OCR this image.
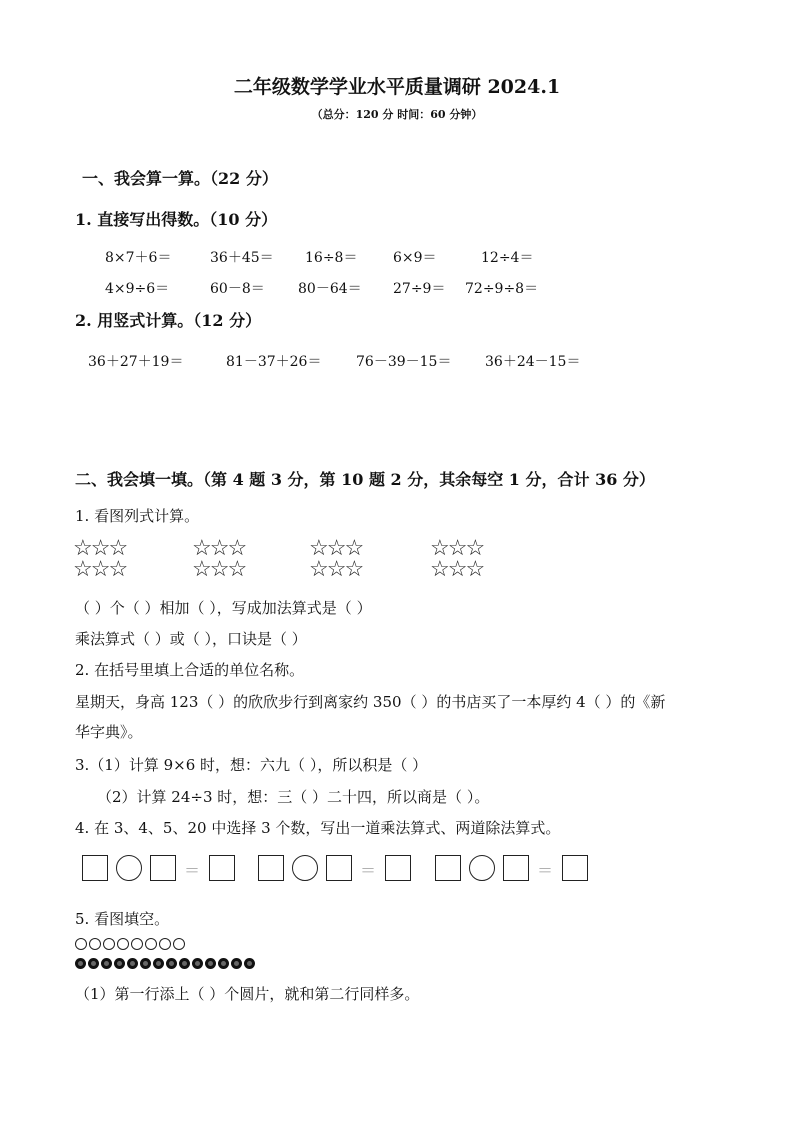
二年级数学学业水平质量调研 2024.1
（总分：120 分 时间：60 分钟）
一、我会算一算。（22 分）
1. 直接写出得数。（10 分）
8×7＋6＝	36＋45＝ 16÷8＝	6×9＝	12÷4＝
4×9÷6＝	60－8＝ 80－64＝ 27÷9＝ 72÷9÷8＝
2. 用竖式计算。（12 分）
36＋27＋19＝	81－37＋26＝ 76－39－15＝ 36＋24－15＝
二、我会填一填。（第 4 题 3 分，第 10 题 2 分，其余每空 1 分，合计 36 分）
1. 看图列式计算。
☆☆☆
☆☆☆
☆☆☆
☆☆☆
☆☆☆
☆☆☆
☆☆☆
☆☆☆
（ ）个（ ）相加（ ），写成加法算式是（ ）
乘法算式（ ）或（ ），口诀是（ ）
2. 在括号里填上合适的单位名称。
星期天，身高 123（ ）的欣欣步行到离家约 350（ ）的书店买了一本厚约 4（ ）的《新
华字典》。
3.（1）计算 9×6 时，想：六九（ ），所以积是（ ）
（2）计算 24÷3 时，想：三（ ）二十四，所以商是（ ）。
4. 在 3、4、5、20 中选择 3 个数，写出一道乘法算式、两道除法算式。
＝	＝	＝
5. 看图填空。
（1）第一行添上（ ）个圆片，就和第二行同样多。
